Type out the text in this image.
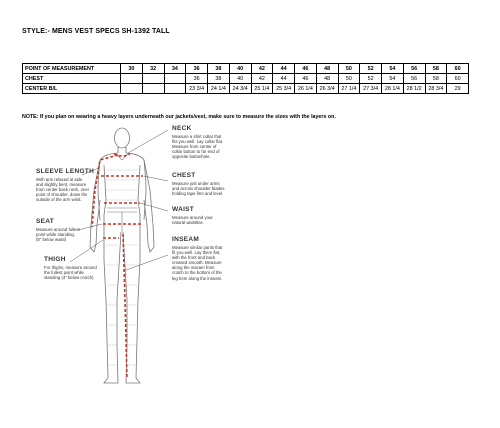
STYLE:- MENS VEST SPECS SH-1392 TALL
POINT OF MEASUREMENT	30	32	34	36	38	40	42	44	46	48	50	52	54	56	58	60
CHEST				36	38	40	42	44	46	48	50	52	54	56	58	60
CENTER B/L				23 3/4	24 1/4	24 3/4	25 1/4	25 3/4	26 1/4	26 3/4	27 1/4	27 3/4	28 1/4	28 1/2	28 3/4	29
NOTE: If you plan on wearing a heavy layers underneath our jackets/vest, make sure to measure the sizes with the layers on.
NECK
Measure a shirt collar that
fits you well. Lay collar flat.
Measure from center of
collar button to far end of
opposite buttonhole.
CHEST
Measure just under arms
and across shoulder blades
holding tape firm and level.
WAIST
Measure around your
natural waistline.
INSEAM
Measure similar pants that
fit you well. Lay them flat,
with the front and back
creased smooth. Measure
along the inseam from
crotch to the bottom of the
leg hem along the inseam.
SLEEVE LENGTH
With arm relaxed at side
and slightly bent, measure
from center back neck, over
point of shoulder, down the
outside of the arm wrist.
SEAT
Measure around fullest
point while standing.
(8" below waist)
THIGH
For thighs, measure around
the fullest point while
standing (4" below crotch)
